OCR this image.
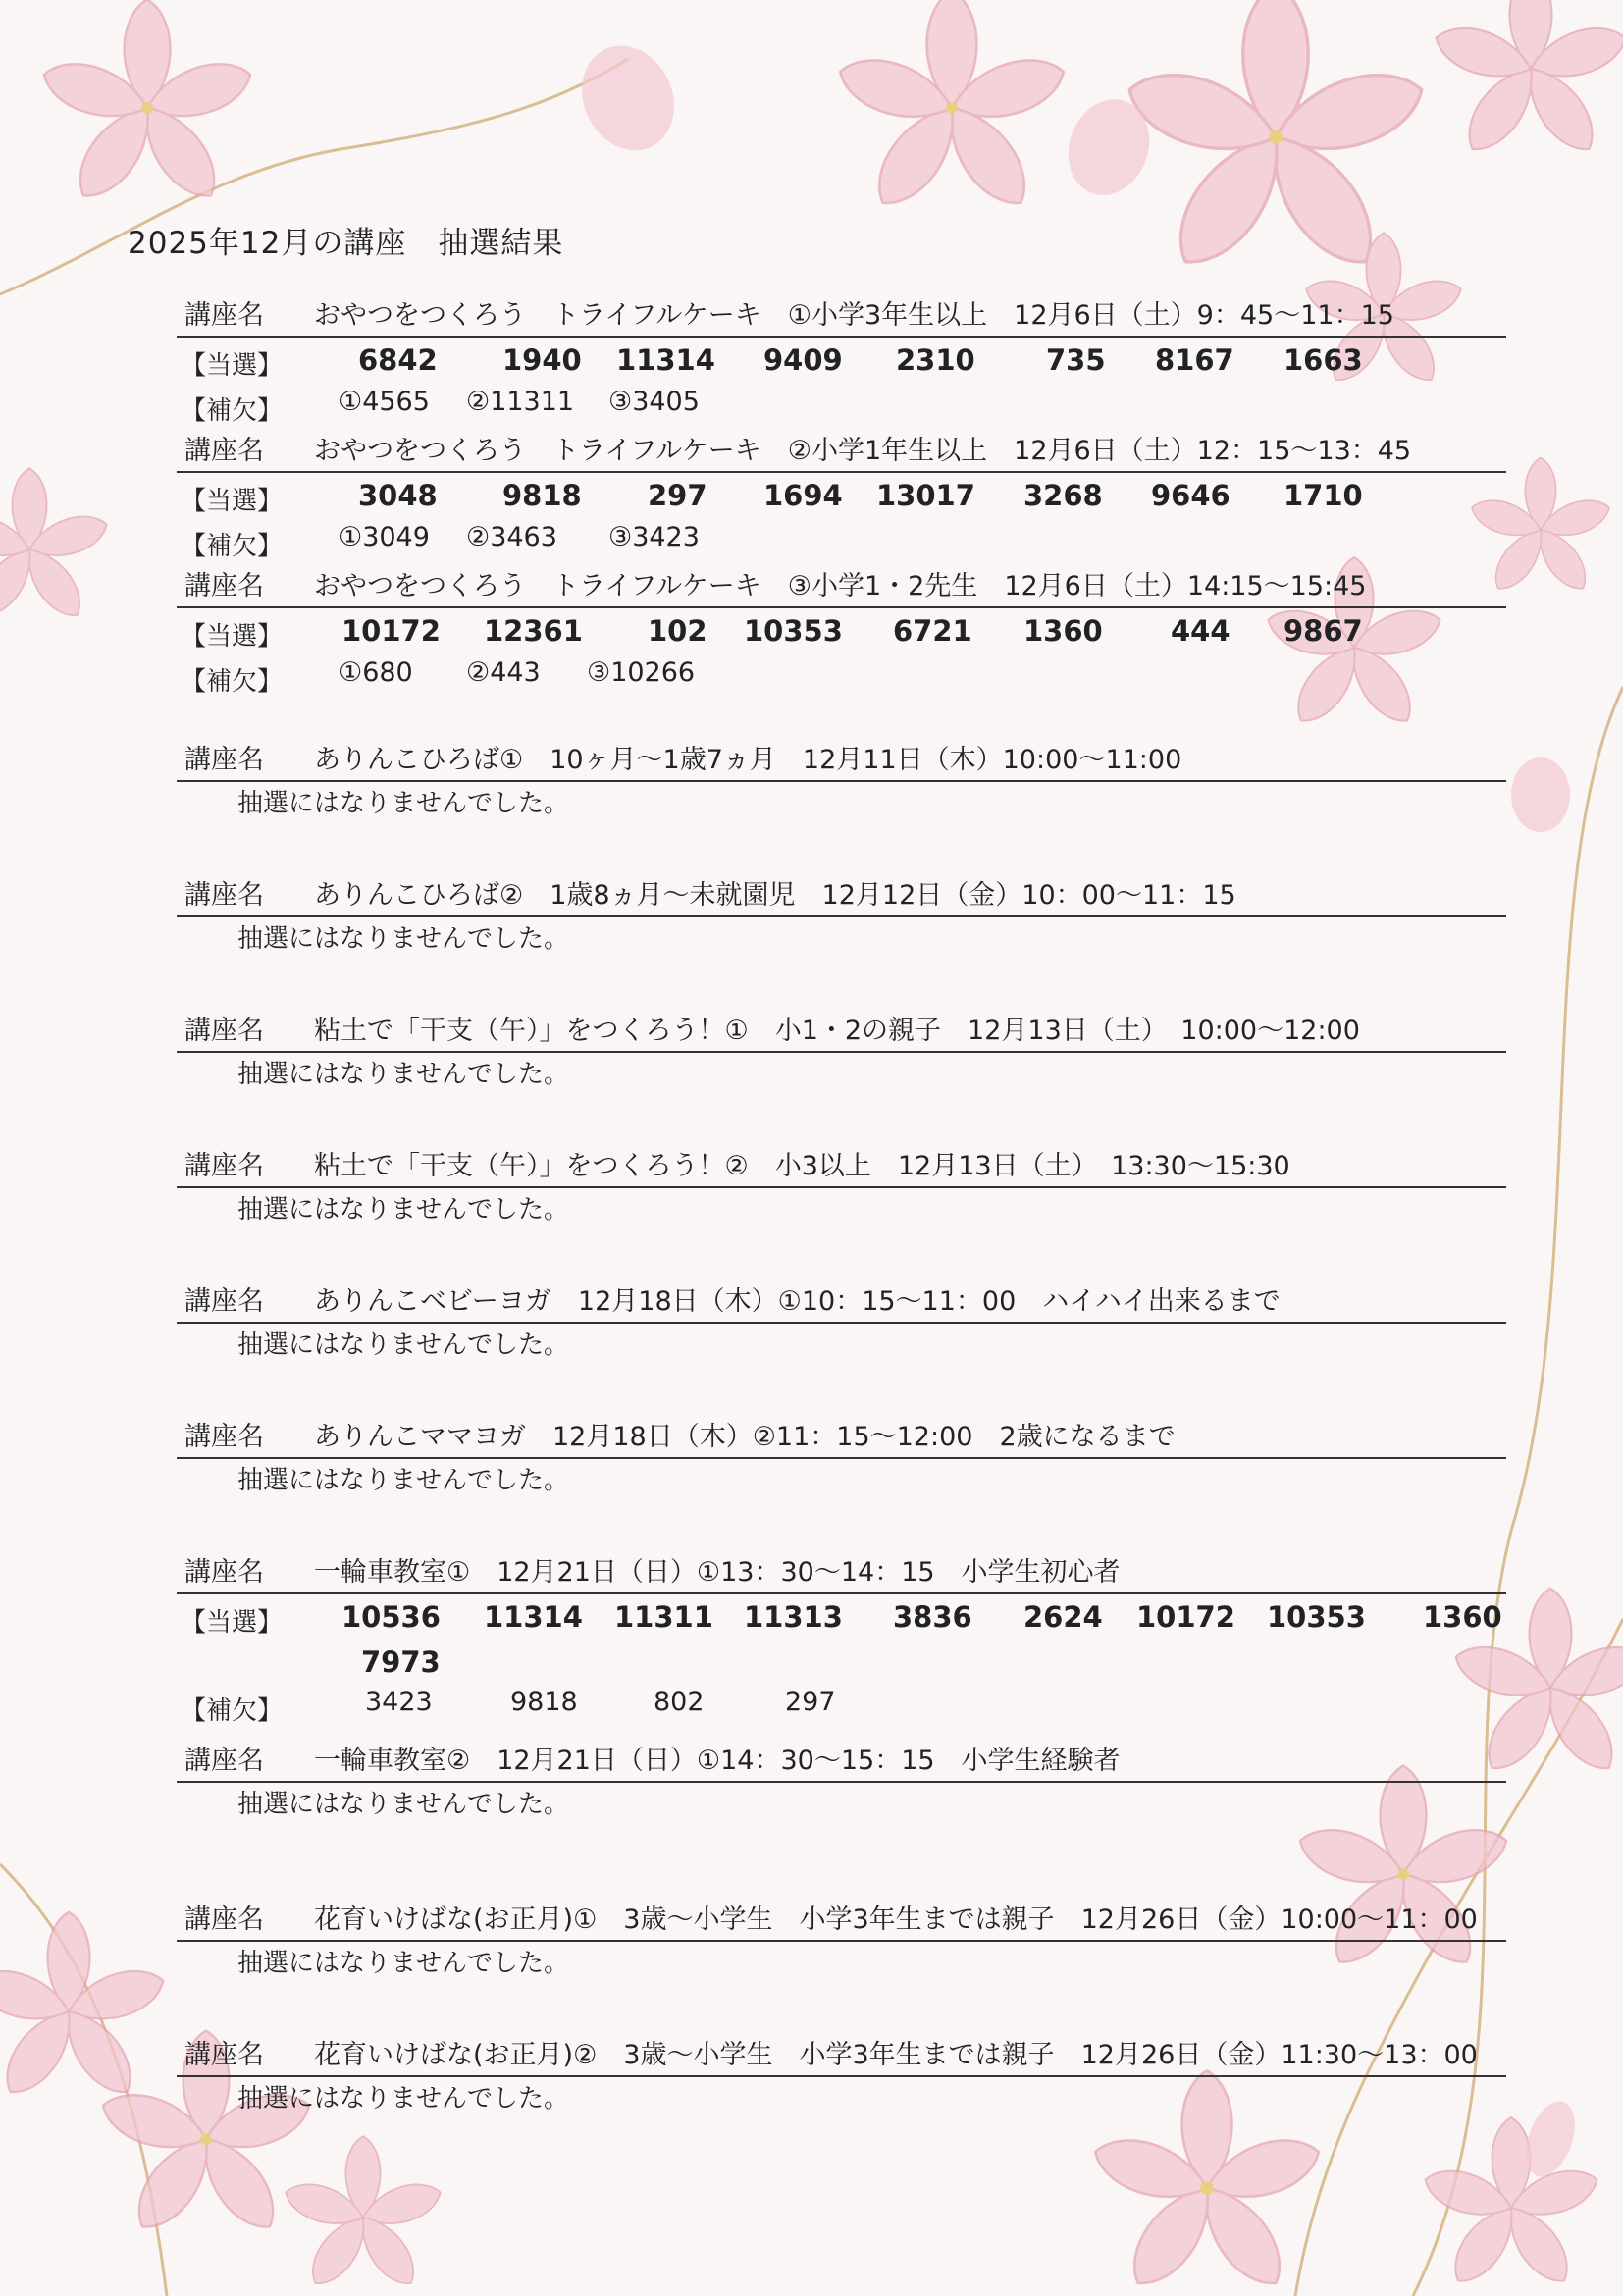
2025年12月の講座　抽選結果
講座名 おやつをつくろう　トライフルケーキ　①小学3年生以上　12月6日（土）9：45～11：15
【当選】	6842 1940 11314 9409 2310 735 8167 1663
【補欠】 ①4565 ②11311 ③3405
講座名 おやつをつくろう　トライフルケーキ　②小学1年生以上　12月6日（土）12：15～13：45
【当選】	3048 9818 297 1694 13017 3268 9646 1710
【補欠】 ①3049 ②3463 ③3423
講座名 おやつをつくろう　トライフルケーキ　③小学1・2先生　12月6日（土）14:15～15:45
【当選】 10172 12361 102 10353 6721 1360 444 9867
【補欠】 ①680 ②443 ③10266
講座名 ありんこひろば①　10ヶ月～1歳7ヵ月　12月11日（木）10:00～11:00
抽選にはなりませんでした。
講座名 ありんこひろば②　1歳8ヵ月～未就園児　12月12日（金）10：00～11：15
抽選にはなりませんでした。
講座名 粘土で「干支（午）」をつくろう！①　小1・2の親子　12月13日（土）　10:00～12:00
抽選にはなりませんでした。
講座名 粘土で「干支（午）」をつくろう！②　小3以上　12月13日（土）　13:30～15:30
抽選にはなりませんでした。
講座名 ありんこベビーヨガ　12月18日（木）①10：15～11：00　ハイハイ出来るまで
抽選にはなりませんでした。
講座名 ありんこママヨガ　12月18日（木）②11：15～12:00　2歳になるまで
抽選にはなりませんでした。
講座名 一輪車教室①　12月21日（日）①13：30～14：15　小学生初心者
【当選】 10536 11314 11311 11313 3836 2624 10172 10353 1360
7973
【補欠】	3423	9818	802	297
講座名 一輪車教室②　12月21日（日）①14：30～15：15　小学生経験者
抽選にはなりませんでした。
講座名 花育いけばな(お正月)①　3歳～小学生　小学3年生までは親子　12月26日（金）10:00～11：00
抽選にはなりませんでした。
講座名 花育いけばな(お正月)②　3歳～小学生　小学3年生までは親子　12月26日（金）11:30～13：00
抽選にはなりませんでした。
